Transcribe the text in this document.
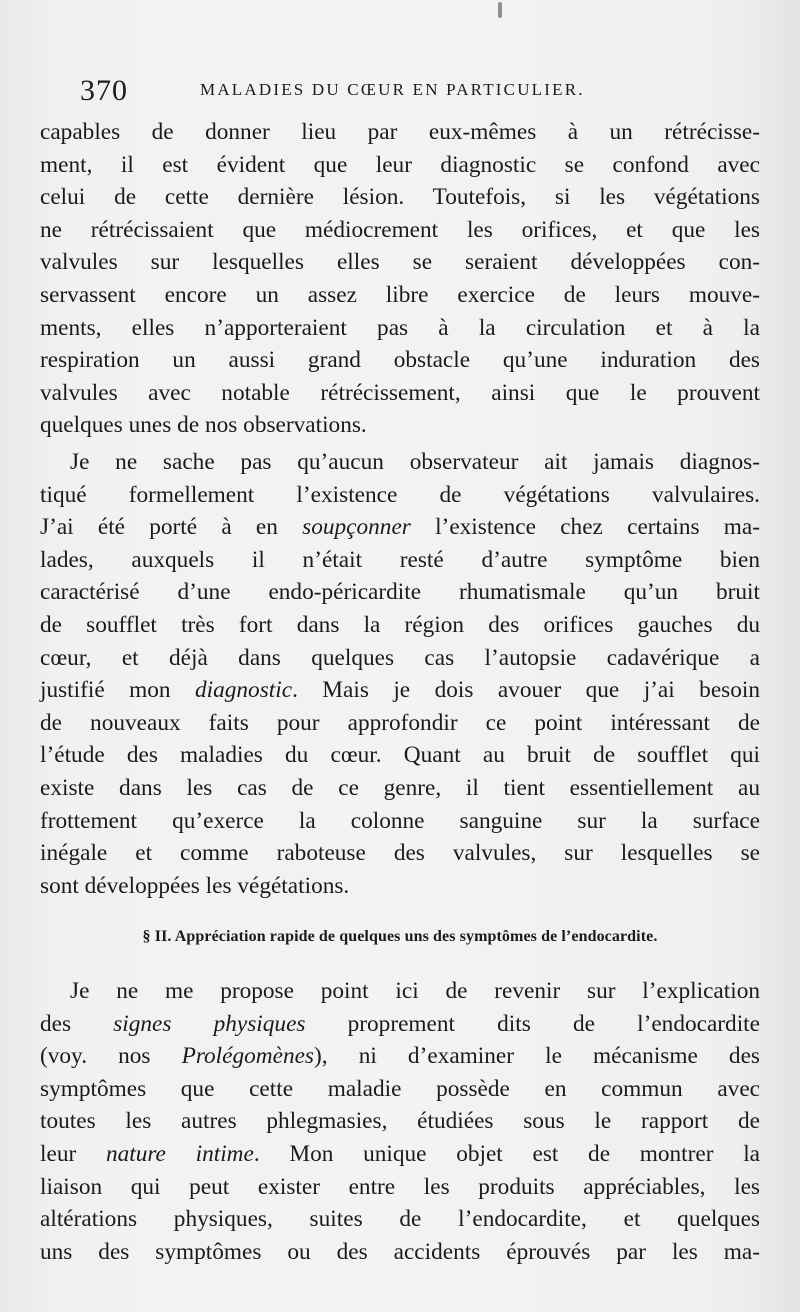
370	MALADIES DU CŒUR EN PARTICULIER.
capables de donner lieu par eux-mêmes à un rétrécisse-
ment, il est évident que leur diagnostic se confond avec
celui de cette dernière lésion. Toutefois, si les végétations
ne rétrécissaient que médiocrement les orifices, et que les
valvules sur lesquelles elles se seraient développées con-
servassent encore un assez libre exercice de leurs mouve-
ments, elles n’apporteraient pas à la circulation et à la
respiration un aussi grand obstacle qu’une induration des
valvules avec notable rétrécissement, ainsi que le prouvent
quelques unes de nos observations.
Je ne sache pas qu’aucun observateur ait jamais diagnos-
tiqué formellement l’existence de végétations valvulaires.
J’ai été porté à en soupçonner l’existence chez certains ma-
lades, auxquels il n’était resté d’autre symptôme bien
caractérisé d’une endo-péricardite rhumatismale qu’un bruit
de soufflet très fort dans la région des orifices gauches du
cœur, et déjà dans quelques cas l’autopsie cadavérique a
justifié mon diagnostic. Mais je dois avouer que j’ai besoin
de nouveaux faits pour approfondir ce point intéressant de
l’étude des maladies du cœur. Quant au bruit de soufflet qui
existe dans les cas de ce genre, il tient essentiellement au
frottement qu’exerce la colonne sanguine sur la surface
inégale et comme raboteuse des valvules, sur lesquelles se
sont développées les végétations.
§ II. Appréciation rapide de quelques uns des symptômes de l’endocardite.
Je ne me propose point ici de revenir sur l’explication
des signes physiques proprement dits de l’endocardite
(voy. nos Prolégomènes), ni d’examiner le mécanisme des
symptômes que cette maladie possède en commun avec
toutes les autres phlegmasies, étudiées sous le rapport de
leur nature intime. Mon unique objet est de montrer la
liaison qui peut exister entre les produits appréciables, les
altérations physiques, suites de l’endocardite, et quelques
uns des symptômes ou des accidents éprouvés par les ma-
